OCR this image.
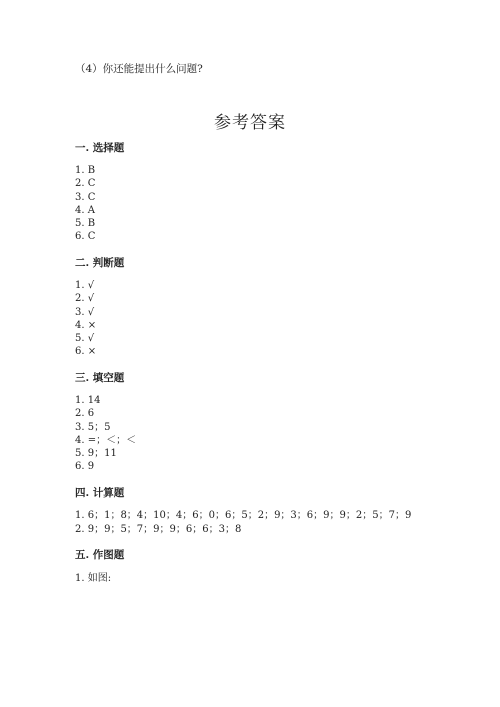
（4）你还能提出什么问题?
参考答案
一. 选择题
1. B
2. C
3. C
4. A
5. B
6. C
二. 判断题
1. √
2. √
3. √
4. ×
5. √
6. ×
三. 填空题
1. 14
2. 6
3. 5；5
4. =；＜；＜
5. 9；11
6. 9
四. 计算题
1. 6；1；8；4；10；4；6；0；6；5；2；9；3；6；9；9；2；5；7；9
2. 9；9；5；7；9；9；6；6；3；8
五. 作图题
1. 如图:
